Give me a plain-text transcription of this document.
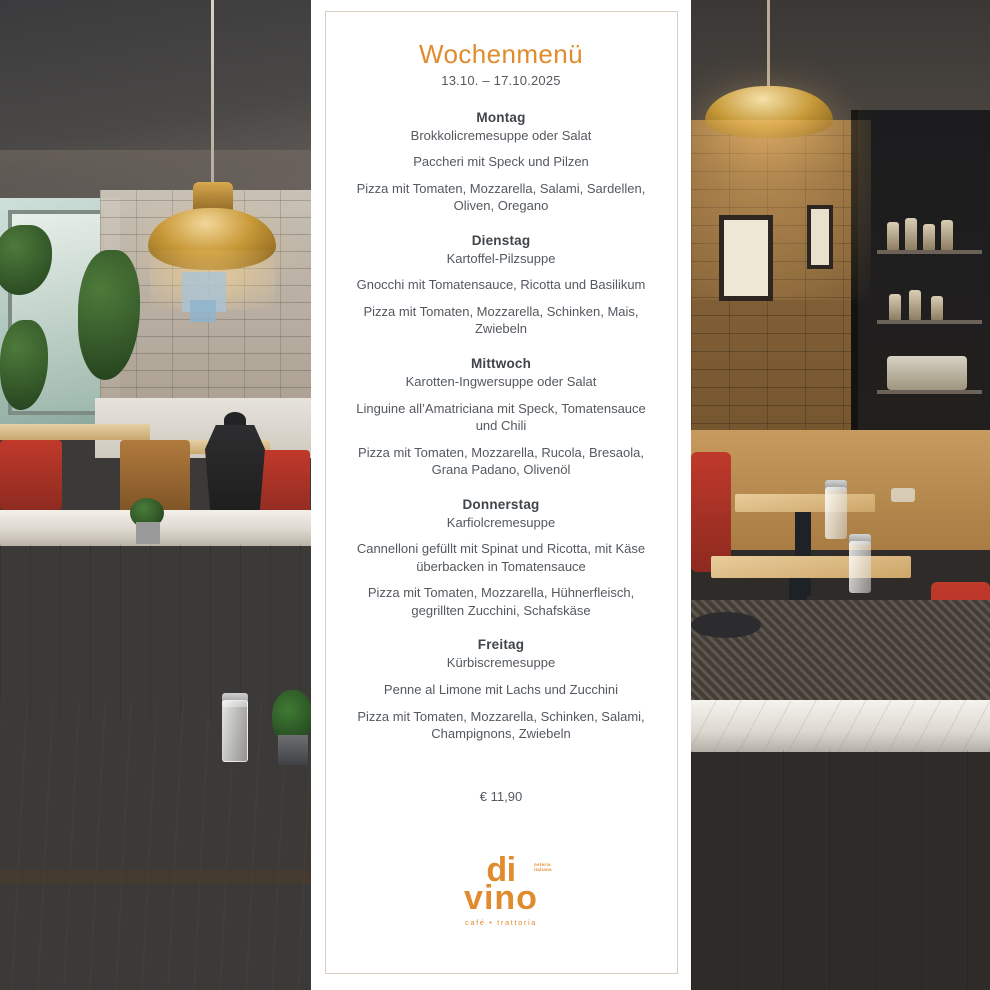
Wochenmenü
13.10. – 17.10.2025
Montag
Brokkolicremesuppe oder Salat
Paccheri mit Speck und Pilzen
Pizza mit Tomaten, Mozzarella, Salami, Sardellen, Oliven, Oregano
Dienstag
Kartoffel-Pilzsuppe
Gnocchi mit Tomatensauce, Ricotta und Basilikum
Pizza mit Tomaten, Mozzarella, Schinken, Mais, Zwiebeln
Mittwoch
Karotten-Ingwersuppe oder Salat
Linguine all’Amatriciana mit Speck, Tomatensauce und Chili
Pizza mit Tomaten, Mozzarella, Rucola, Bresaola, Grana Padano, Olivenöl
Donnerstag
Karfiolcremesuppe
Cannelloni gefüllt mit Spinat und Ricotta, mit Käse überbacken in Tomatensauce
Pizza mit Tomaten, Mozzarella, Hühnerfleisch, gegrillten Zucchini, Schafskäse
Freitag
Kürbiscremesuppe
Penne al Limone mit Lachs und Zucchini
Pizza mit Tomaten, Mozzarella, Schinken, Salami, Champignons, Zwiebeln
€ 11,90
di
vino
osteria italiana
café • trattoria
